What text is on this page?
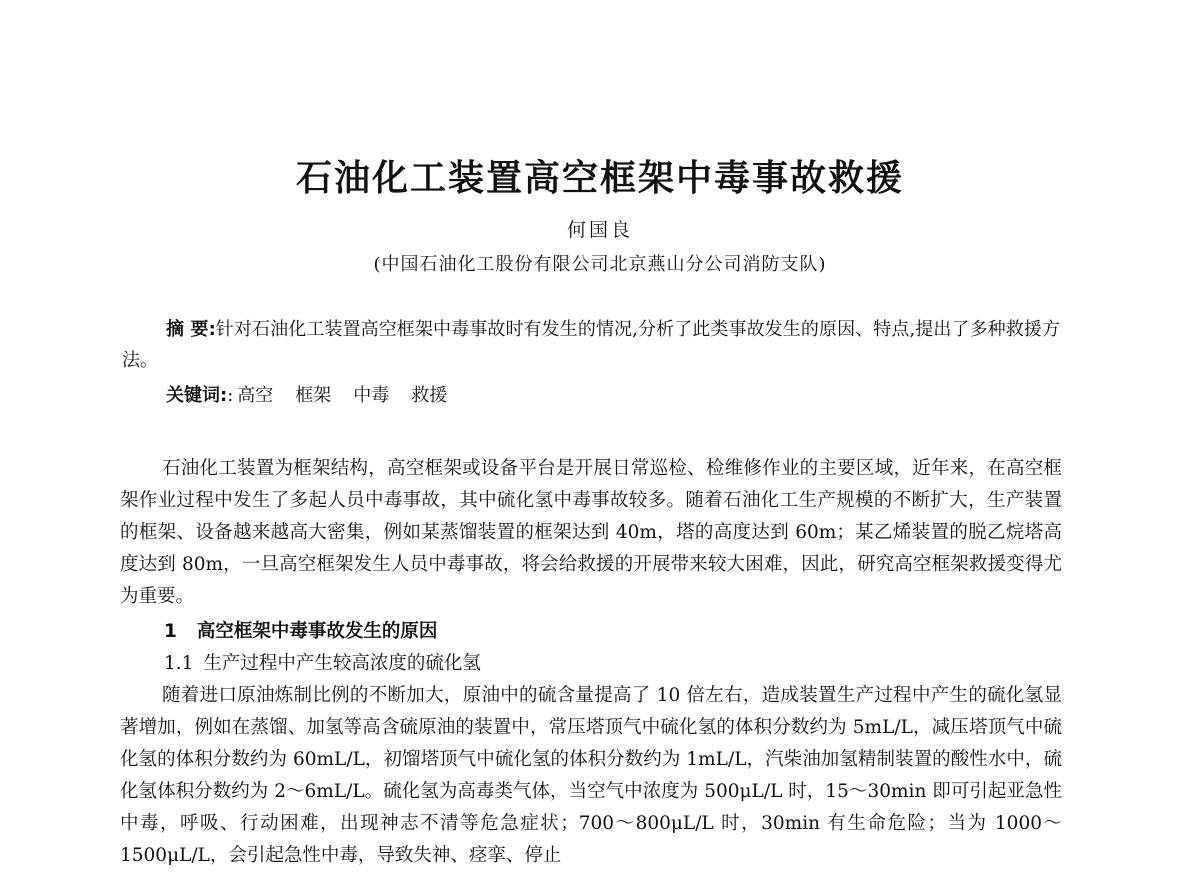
石油化工装置高空框架中毒事故救援
何国良
(中国石油化工股份有限公司北京燕山分公司消防支队)
摘 要:针对石油化工装置高空框架中毒事故时有发生的情况,分析了此类事故发生的原因、特点,提出了多种救援方法。
关键词:: 高空 框架 中毒 救援

石油化工装置为框架结构，高空框架或设备平台是开展日常巡检、检维修作业的主要区域，近年来，在高空框架作业过程中发生了多起人员中毒事故，其中硫化氢中毒事故较多。随着石油化工生产规模的不断扩大，生产装置的框架、设备越来越高大密集，例如某蒸馏装置的框架达到 40m，塔的高度达到 60m；某乙烯装置的脱乙烷塔高度达到 80m，一旦高空框架发生人员中毒事故，将会给救援的开展带来较大困难，因此，研究高空框架救援变得尤为重要。

1 高空框架中毒事故发生的原因
1.1 生产过程中产生较高浓度的硫化氢

随着进口原油炼制比例的不断加大，原油中的硫含量提高了 10 倍左右，造成装置生产过程中产生的硫化氢显著增加，例如在蒸馏、加氢等高含硫原油的装置中，常压塔顶气中硫化氢的体积分数约为 5mL/L，减压塔顶气中硫化氢的体积分数约为 60mL/L，初馏塔顶气中硫化氢的体积分数约为 1mL/L，汽柴油加氢精制装置的酸性水中，硫化氢体积分数约为 2～6mL/L。硫化氢为高毒类气体，当空气中浓度为 500μL/L 时，15～30min 即可引起亚急性中毒，呼吸、行动困难，出现神志不清等危急症状；700～800μL/L 时，30min 有生命危险；当为 1000～1500μL/L，会引起急性中毒，导致失神、痉挛、停止
